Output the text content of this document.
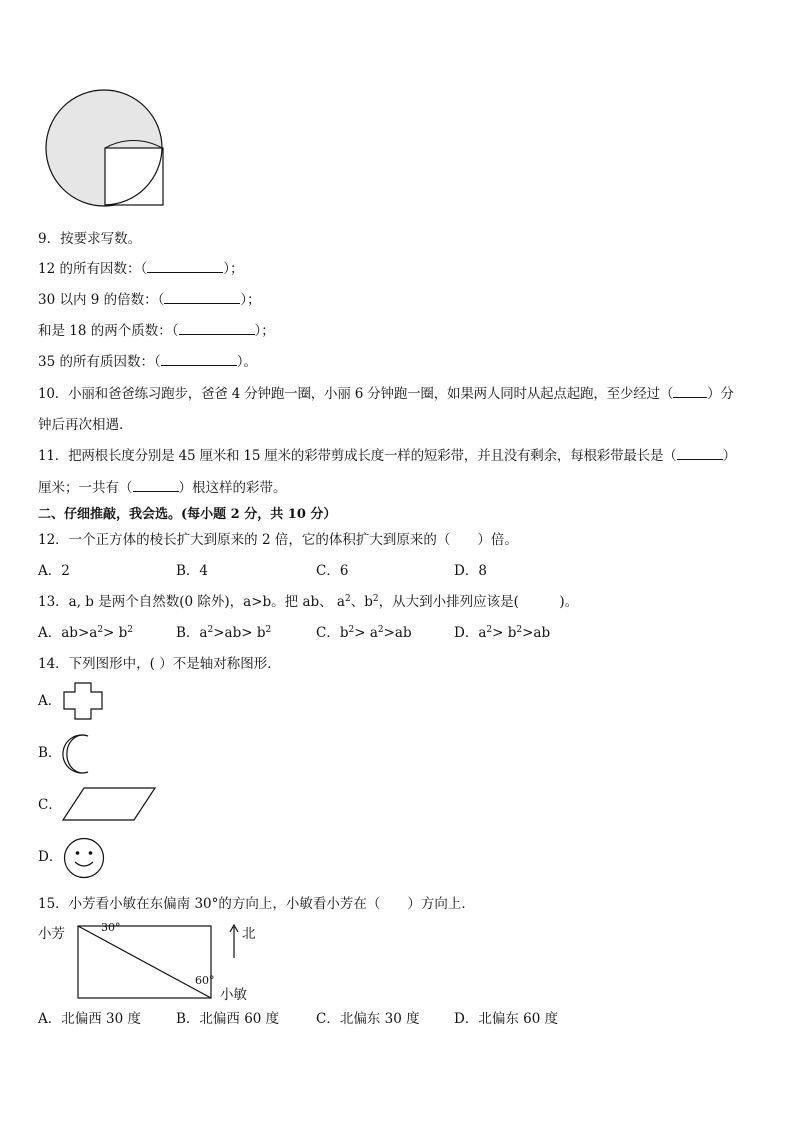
9．按要求写数。
12 的所有因数：（	）；
30 以内 9 的倍数：（	）；
和是 18 的两个质数：（	）；
35 的所有质因数：（	）。
10．小丽和爸爸练习跑步，爸爸 4 分钟跑一圈，小丽 6 分钟跑一圈，如果两人同时从起点起跑，至少经过（	）分
钟后再次相遇．
11．把两根长度分别是 45 厘米和 15 厘米的彩带剪成长度一样的短彩带，并且没有剩余，每根彩带最长是（	）
厘米；一共有（	）根这样的彩带。
二、仔细推敲，我会选。(每小题 2 分，共 10 分）
12．一个正方体的棱长扩大到原来的 2 倍，它的体积扩大到原来的（　　）倍。
A．2	B．4	C．6	D．8
13．a, b 是两个自然数(0 除外)，a>b。把 ab、 $a^2$、$b^2$，从大到小排列应该是(　　　)。
A．$ab>a^2> b^2$	B．$a^2>ab> b^2$	C．$b^2> a^2>ab$	D．$a^2> b^2>ab$
14．下列图形中，( ）不是轴对称图形．
A．
B．
C．
D．
15．小芳看小敏在东偏南 30°的方向上，小敏看小芳在（　　）方向上．
小芳	30°
60°
小敏
北
A．北偏西 30 度	B．北偏西 60 度	C．北偏东 30 度	D．北偏东 60 度
